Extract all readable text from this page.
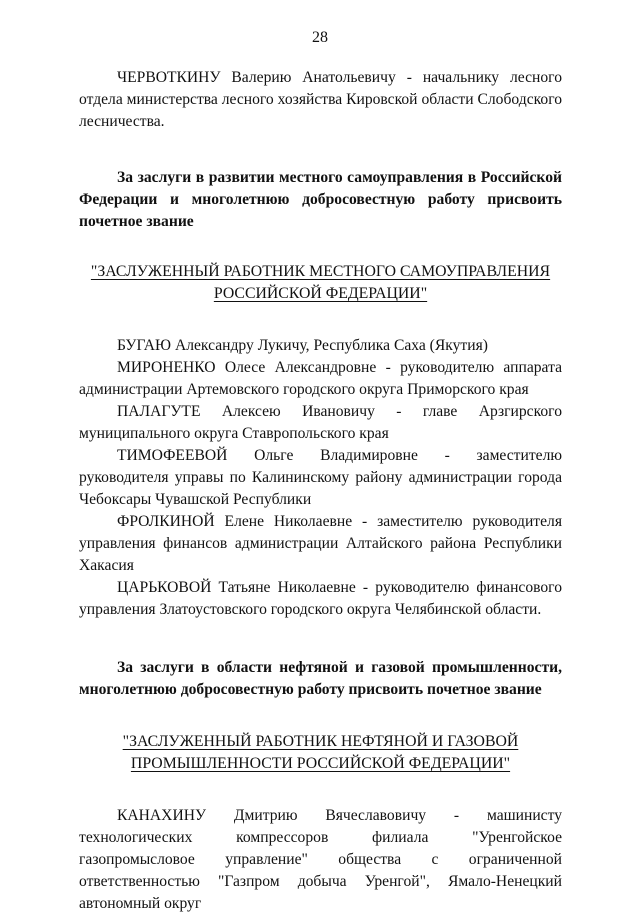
28

ЧЕРВОТКИНУ Валерию Анатольевичу - начальнику лесного отдела министерства лесного хозяйства Кировской области Слободского лесничества.

За заслуги в развитии местного самоуправления в Российской Федерации и многолетнюю добросовестную работу присвоить почетное звание

"ЗАСЛУЖЕННЫЙ РАБОТНИК МЕСТНОГО САМОУПРАВЛЕНИЯ

РОССИЙСКОЙ ФЕДЕРАЦИИ"

БУГАЮ Александру Лукичу, Республика Саха (Якутия)

МИРОНЕНКО Олесе Александровне - руководителю аппарата администрации Артемовского городского округа Приморского края

ПАЛАГУТЕ Алексею Ивановичу - главе Арзгирского муниципального округа Ставропольского края

ТИМОФЕЕВОЙ Ольге Владимировне - заместителю руководителя управы по Калининскому району администрации города Чебоксары Чувашской Республики

ФРОЛКИНОЙ Елене Николаевне - заместителю руководителя управления финансов администрации Алтайского района Республики Хакасия

ЦАРЬКОВОЙ Татьяне Николаевне - руководителю финансового управления Златоустовского городского округа Челябинской области.

За заслуги в области нефтяной и газовой промышленности, многолетнюю добросовестную работу присвоить почетное звание

"ЗАСЛУЖЕННЫЙ РАБОТНИК НЕФТЯНОЙ И ГАЗОВОЙ

ПРОМЫШЛЕННОСТИ РОССИЙСКОЙ ФЕДЕРАЦИИ"

КАНАХИНУ Дмитрию Вячеславовичу - машинисту технологических компрессоров филиала "Уренгойское газопромысловое управление" общества с ограниченной ответственностью "Газпром добыча Уренгой", Ямало-Ненецкий автономный округ
